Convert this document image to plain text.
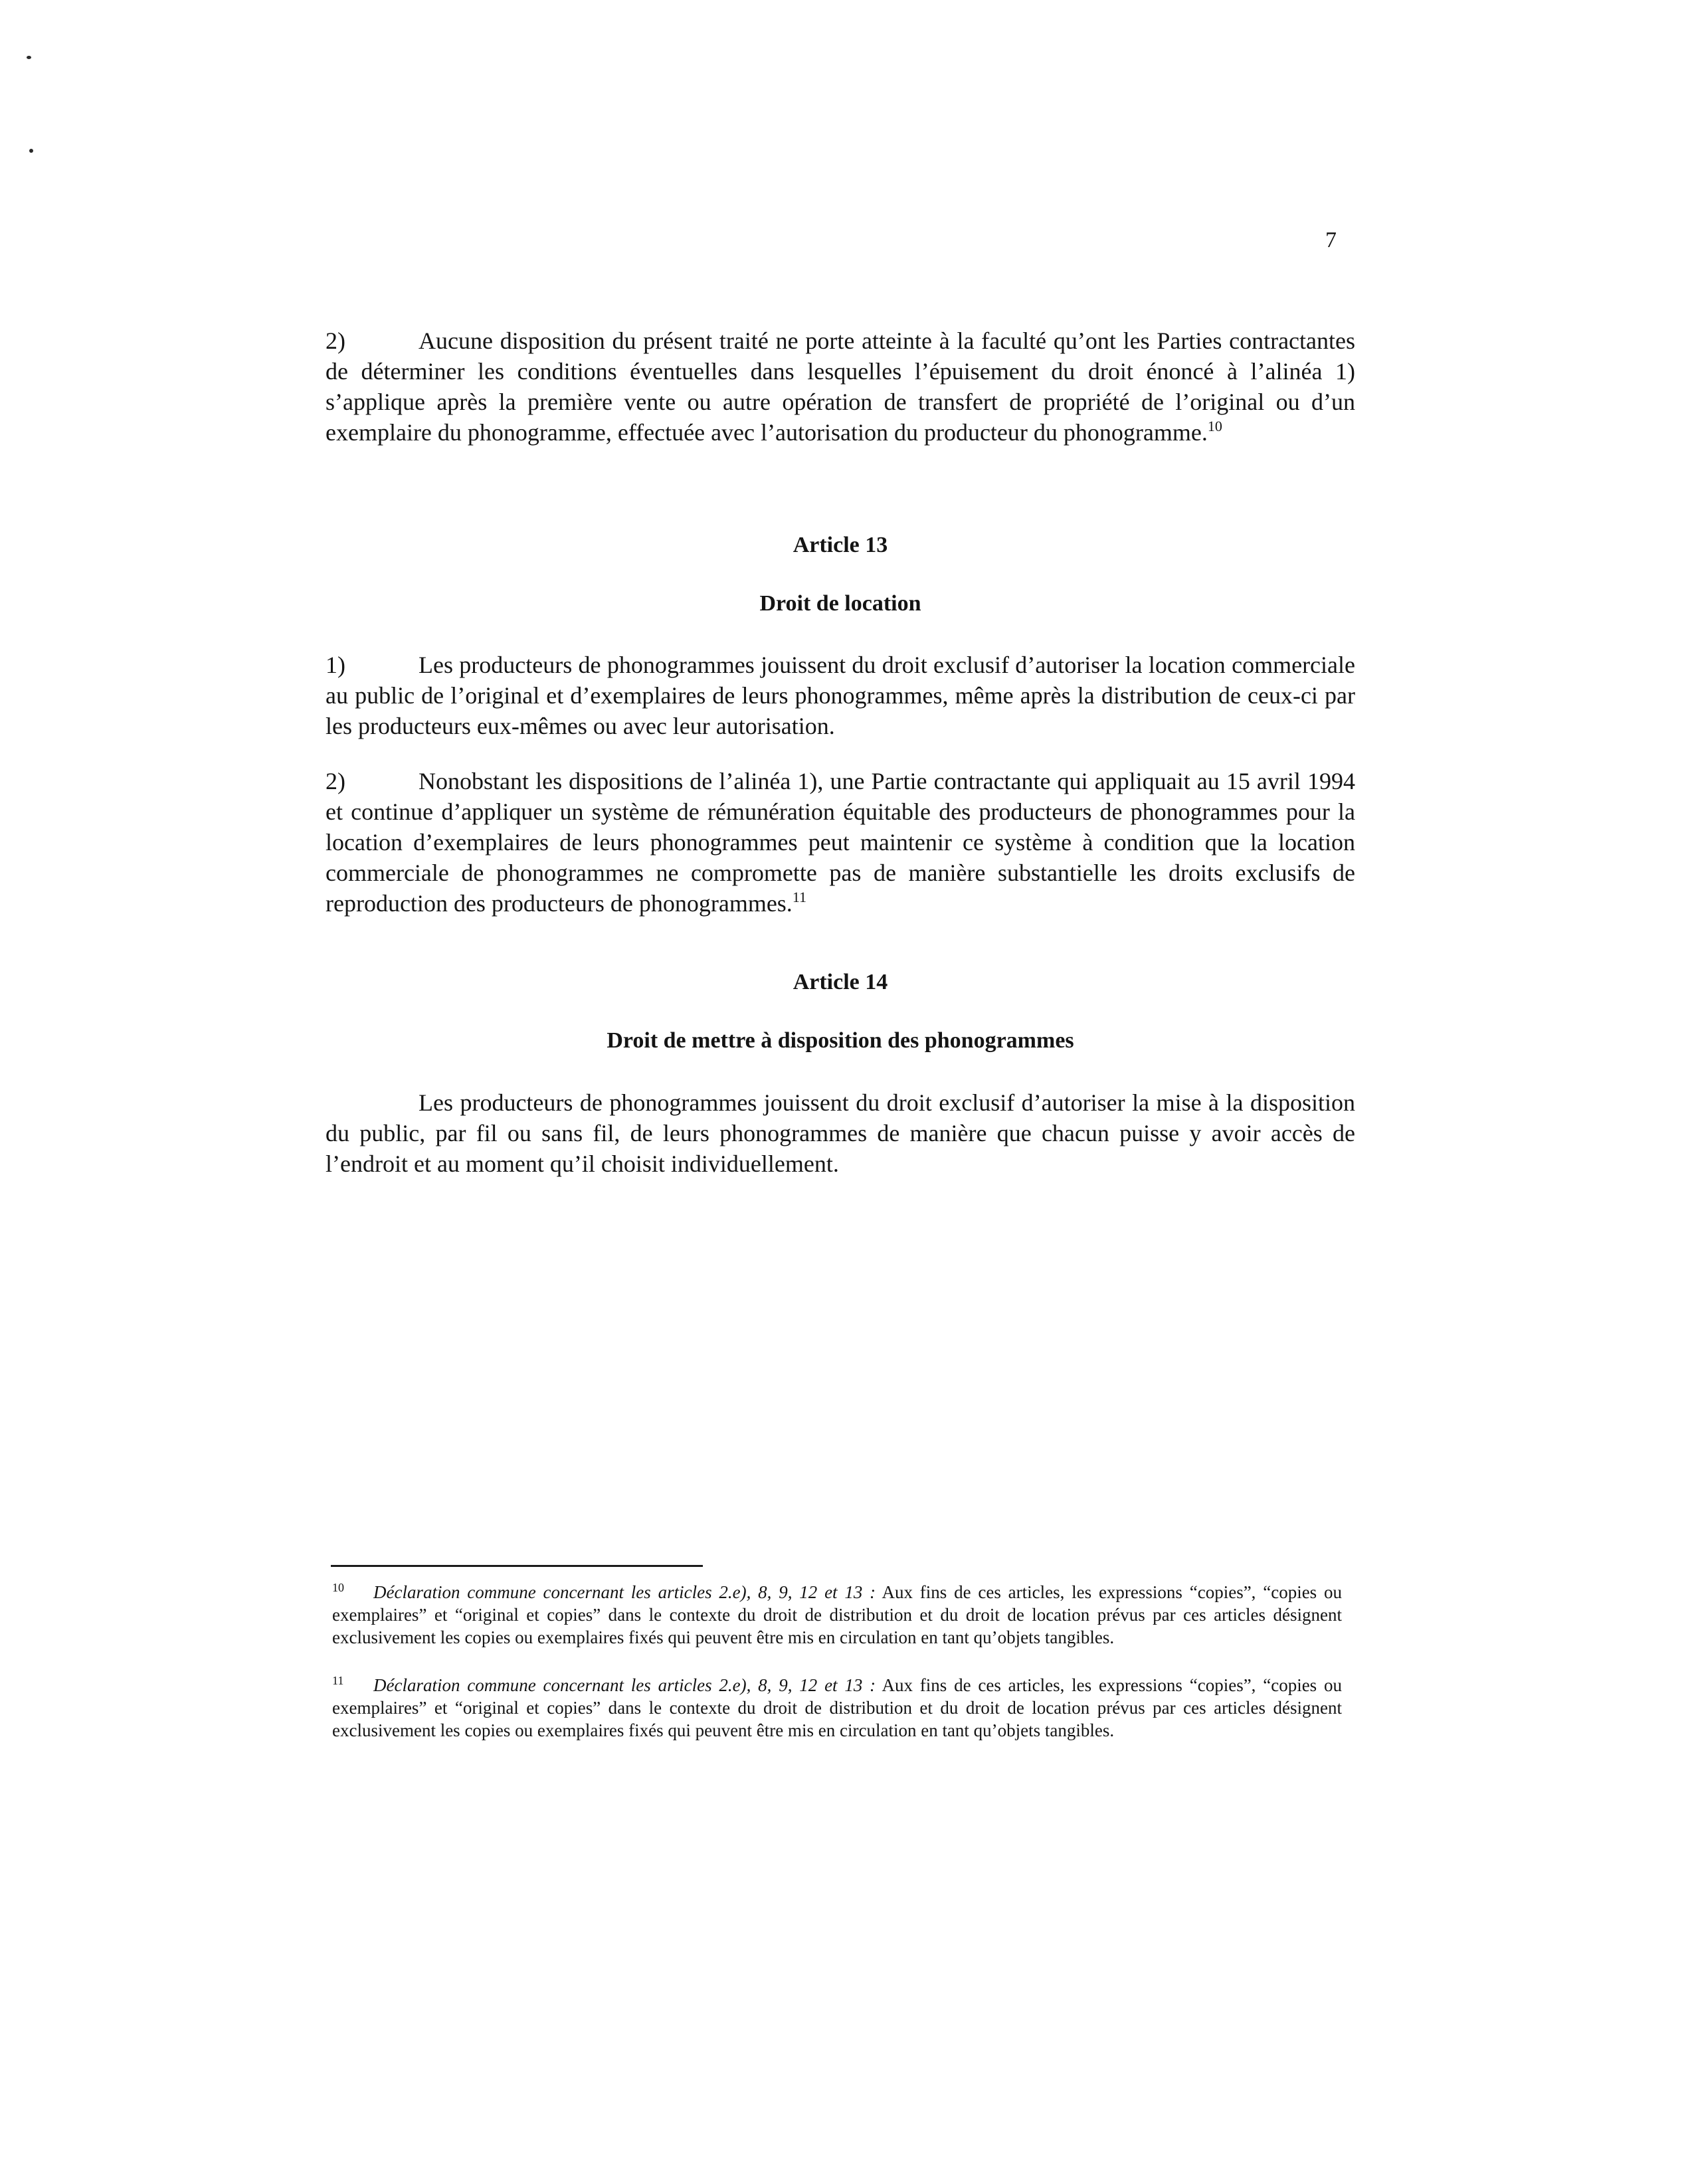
7

2)	Aucune disposition du présent traité ne porte atteinte à la faculté qu’ont les Parties contractantes de déterminer les conditions éventuelles dans lesquelles l’épuisement du droit énoncé à l’alinéa 1) s’applique après la première vente ou autre opération de transfert de propriété de l’original ou d’un exemplaire du phonogramme, effectuée avec l’autorisation du producteur du phonogramme.$^{10}$

Article 13
Droit de location

1)	Les producteurs de phonogrammes jouissent du droit exclusif d’autoriser la location commerciale au public de l’original et d’exemplaires de leurs phonogrammes, même après la distribution de ceux-ci par les producteurs eux-mêmes ou avec leur autorisation.

2)	Nonobstant les dispositions de l’alinéa 1), une Partie contractante qui appliquait au 15 avril 1994 et continue d’appliquer un système de rémunération équitable des producteurs de phonogrammes pour la location d’exemplaires de leurs phonogrammes peut maintenir ce système à condition que la location commerciale de phonogrammes ne compromette pas de manière substantielle les droits exclusifs de reproduction des producteurs de phonogrammes.$^{11}$

Article 14
Droit de mettre à disposition des phonogrammes

Les producteurs de phonogrammes jouissent du droit exclusif d’autoriser la mise à la disposition du public, par fil ou sans fil, de leurs phonogrammes de manière que chacun puisse y avoir accès de l’endroit et au moment qu’il choisit individuellement.

10 Déclaration commune concernant les articles 2.e), 8, 9, 12 et 13 : Aux fins de ces articles, les expressions “copies”, “copies ou exemplaires” et “original et copies” dans le contexte du droit de distribution et du droit de location prévus par ces articles désignent exclusivement les copies ou exemplaires fixés qui peuvent être mis en circulation en tant qu’objets tangibles.

11 Déclaration commune concernant les articles 2.e), 8, 9, 12 et 13 : Aux fins de ces articles, les expressions “copies”, “copies ou exemplaires” et “original et copies” dans le contexte du droit de distribution et du droit de location prévus par ces articles désignent exclusivement les copies ou exemplaires fixés qui peuvent être mis en circulation en tant qu’objets tangibles.
